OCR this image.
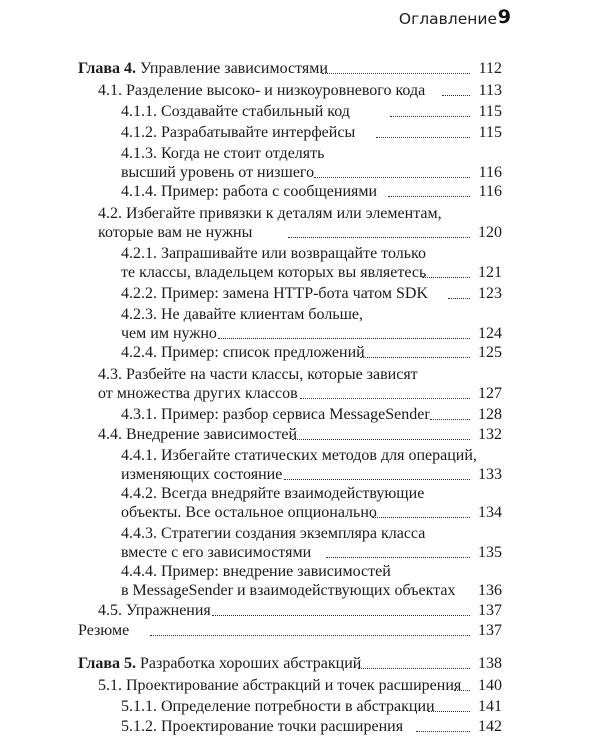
Оглавление 9
Глава 4. Управление зависимостями	112
4.1. Разделение высоко- и низкоуровневого кода	113
4.1.1. Создавайте стабильный код	115
4.1.2. Разрабатывайте интерфейсы	115
4.1.3. Когда не стоит отделять
высший уровень от низшего	116
4.1.4. Пример: работа с сообщениями	116
4.2. Избегайте привязки к деталям или элементам,
которые вам не нужны	120
4.2.1. Запрашивайте или возвращайте только
те классы, владельцем которых вы являетесь	121
4.2.2. Пример: замена HTTP-бота чатом SDK	123
4.2.3. Не давайте клиентам больше,
чем им нужно	124
4.2.4. Пример: список предложений	125
4.3. Разбейте на части классы, которые зависят
от множества других классов	127
4.3.1. Пример: разбор сервиса MessageSender	128
4.4. Внедрение зависимостей	132
4.4.1. Избегайте статических методов для операций,
изменяющих состояние	133
4.4.2. Всегда внедряйте взаимодействующие
объекты. Все остальное опционально	134
4.4.3. Стратегии создания экземпляра класса
вместе с его зависимостями	135
4.4.4. Пример: внедрение зависимостей
в MessageSender и взаимодействующих объектах	136
4.5. Упражнения	137
Резюме	137
Глава 5. Разработка хороших абстракций	138
5.1. Проектирование абстракций и точек расширения	140
5.1.1. Определение потребности в абстракции	141
5.1.2. Проектирование точки расширения	142
